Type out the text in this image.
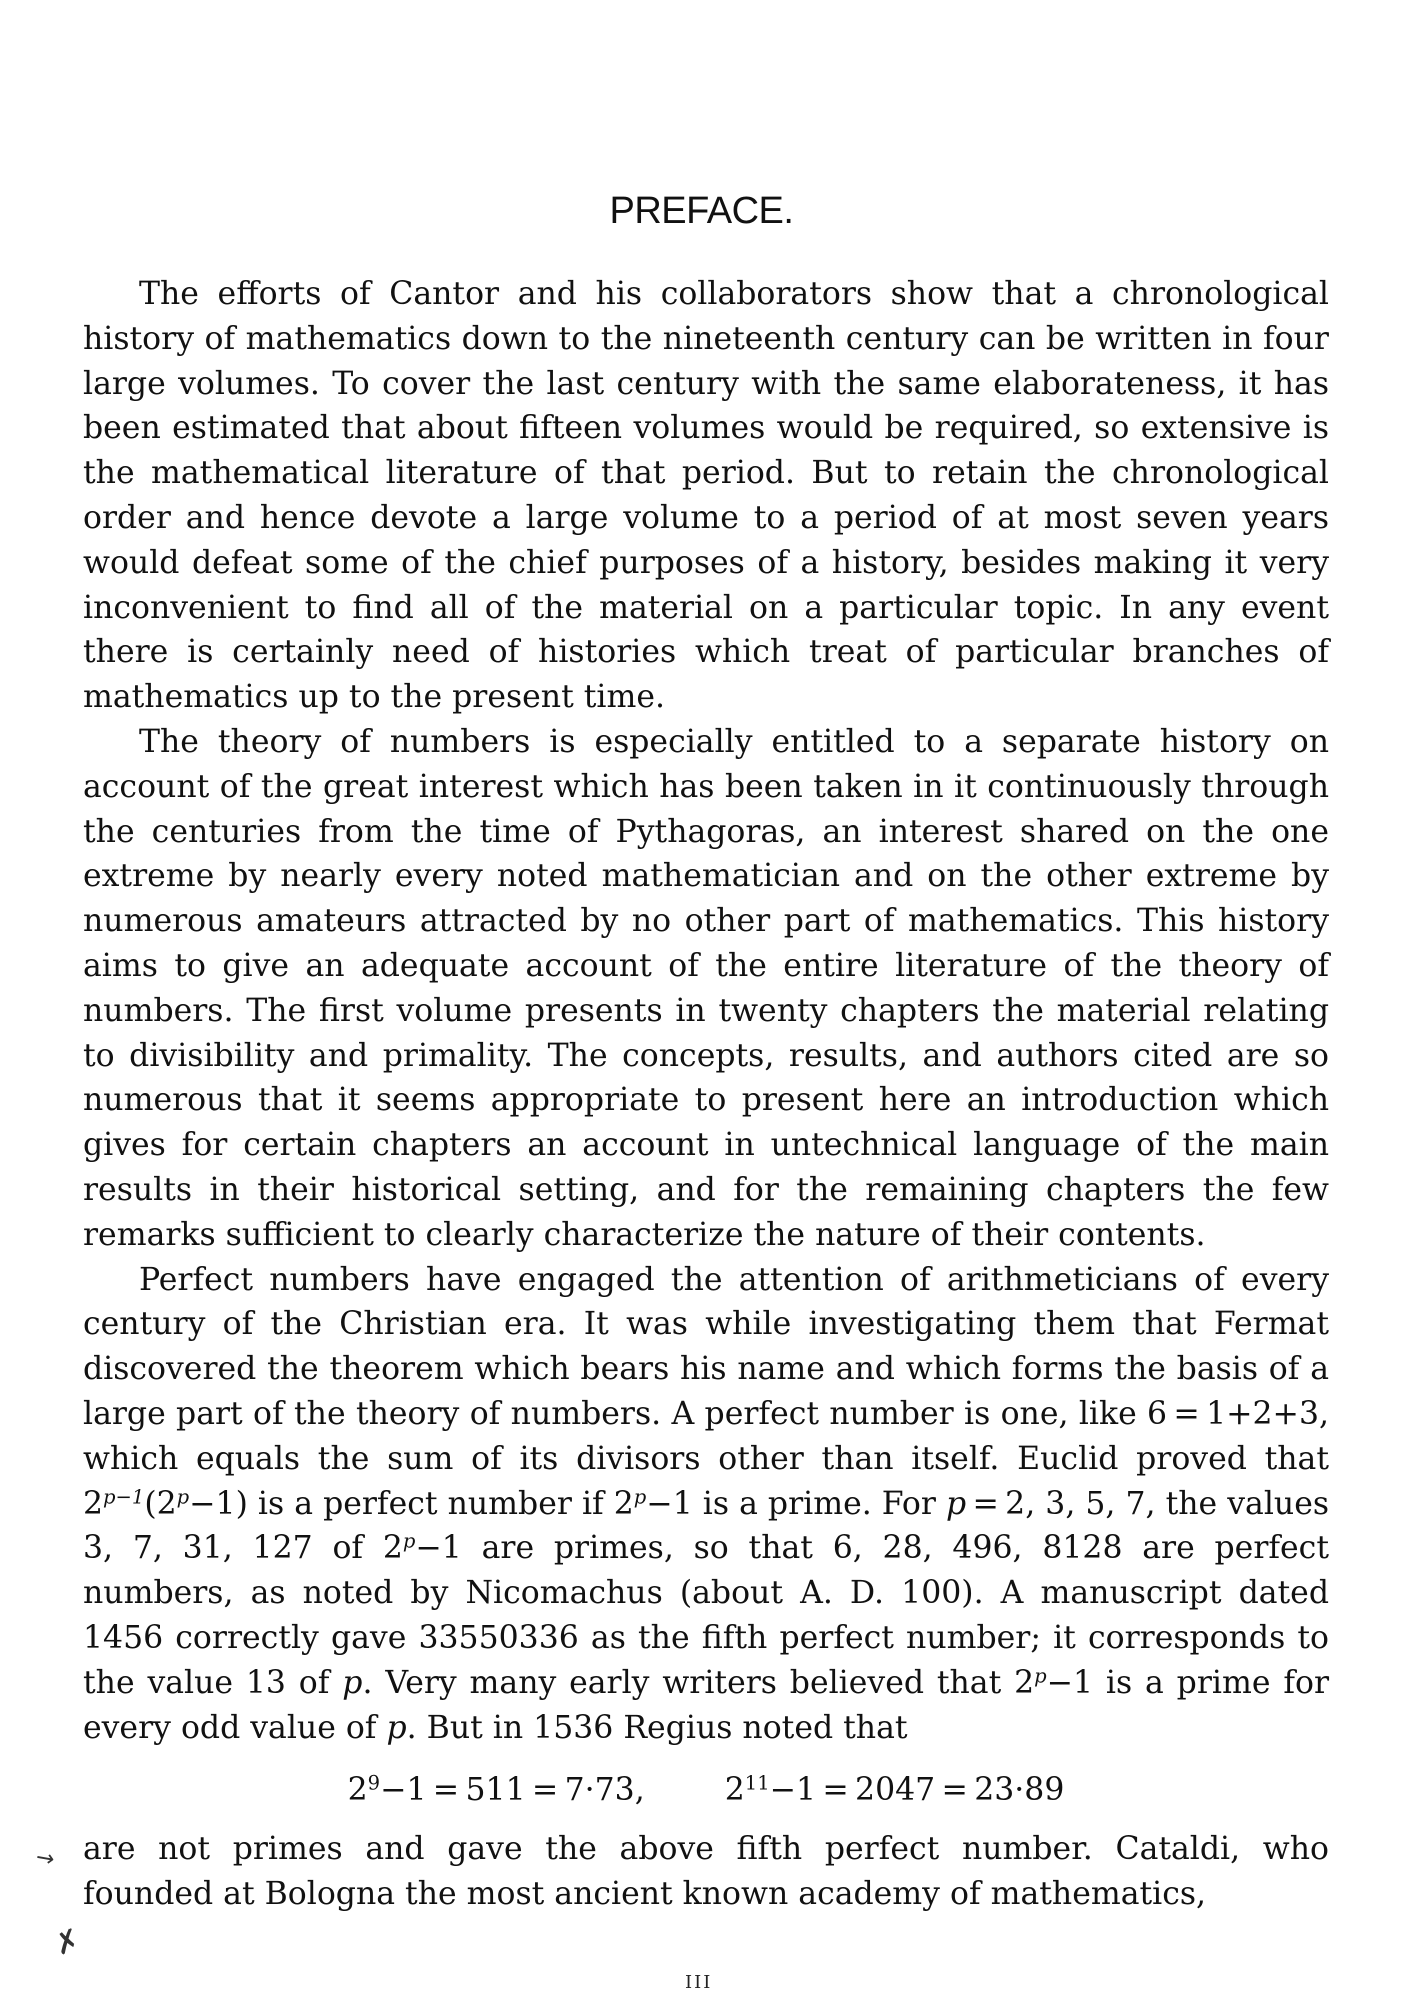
PREFACE.

The efforts of Cantor and his collaborators show that a chronological history of mathematics down to the nineteenth century can be written in four large volumes. To cover the last century with the same elaborateness, it has been estimated that about fifteen volumes would be required, so extensive is the mathematical literature of that period. But to retain the chronological order and hence devote a large volume to a period of at most seven years would defeat some of the chief purposes of a history, besides making it very inconvenient to find all of the material on a particular topic. In any event there is certainly need of histories which treat of particular branches of mathematics up to the present time.

The theory of numbers is especially entitled to a separate history on account of the great interest which has been taken in it continuously through the centuries from the time of Pythagoras, an interest shared on the one extreme by nearly every noted mathematician and on the other extreme by numerous amateurs attracted by no other part of mathematics. This history aims to give an adequate account of the entire literature of the theory of numbers. The first volume presents in twenty chapters the material relating to divisibility and primality. The concepts, results, and authors cited are so numerous that it seems appropriate to present here an introduction which gives for certain chapters an account in untechnical language of the main results in their historical setting, and for the remaining chapters the few remarks sufficient to clearly characterize the nature of their contents.

Perfect numbers have engaged the attention of arithmeticians of every century of the Christian era. It was while investigating them that Fermat discovered the theorem which bears his name and which forms the basis of a large part of the theory of numbers. A perfect number is one, like 6 = 1+2+3, which equals the sum of its divisors other than itself. Euclid proved that $2^{p-1}(2^p-1)$ is a perfect number if $2^p-1$ is a prime. For p = 2, 3, 5, 7, the values 3, 7, 31, 127 of $2^p-1$ are primes, so that 6, 28, 496, 8128 are perfect numbers, as noted by Nicomachus (about A. D. 100). A manuscript dated 1456 correctly gave 33550336 as the fifth perfect number; it corresponds to the value 13 of p. Very many early writers believed that $2^p-1$ is a prime for every odd value of p. But in 1536 Regius noted that

$2^9-1 = 511 = 7\cdot 73$,	$2^{11}-1 = 2047 = 23\cdot 89$

are not primes and gave the above fifth perfect number. Cataldi, who founded at Bologna the most ancient known academy of mathematics,

↘
✗
III
